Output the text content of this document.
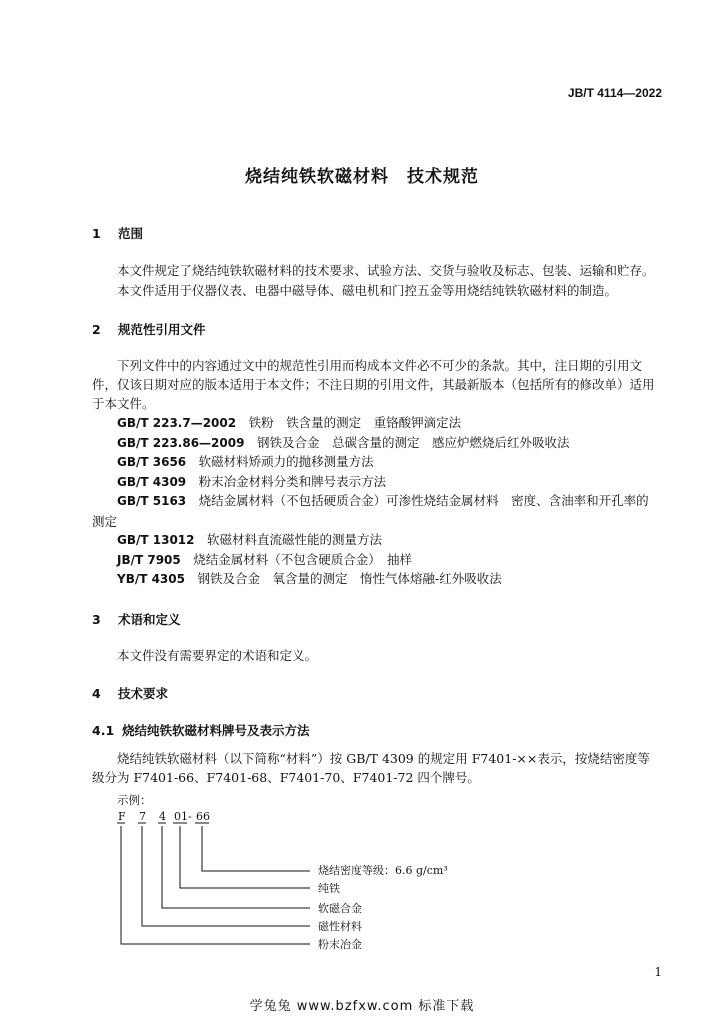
JB/T 4114—2022
烧结纯铁软磁材料　技术规范
1 范围
本文件规定了烧结纯铁软磁材料的技术要求、试验方法、交货与验收及标志、包装、运输和贮存。
本文件适用于仪器仪表、电器中磁导体、磁电机和门控五金等用烧结纯铁软磁材料的制造。
2 规范性引用文件
下列文件中的内容通过文中的规范性引用而构成本文件必不可少的条款。其中，注日期的引用文件，仅该日期对应的版本适用于本文件；不注日期的引用文件，其最新版本（包括所有的修改单）适用于本文件。
GB/T 223.7—2002　 铁粉　铁含量的测定　重铬酸钾滴定法
GB/T 223.86—2009　 钢铁及合金　总碳含量的测定　感应炉燃烧后红外吸收法
GB/T 3656　 软磁材料矫顽力的抛移测量方法
GB/T 4309　 粉末冶金材料分类和牌号表示方法
GB/T 5163　 烧结金属材料（不包括硬质合金）可渗性烧结金属材料　密度、含油率和开孔率的
测定
GB/T 13012　 软磁材料直流磁性能的测量方法
JB/T 7905　 烧结金属材料（不包含硬质合金）　抽样
YB/T 4305　 钢铁及合金　氧含量的测定　惰性气体熔融-红外吸收法
3 术语和定义
本文件没有需要界定的术语和定义。
4 技术要求
4.1 烧结纯铁软磁材料牌号及表示方法
烧结纯铁软磁材料（以下简称“材料”）按 GB/T 4309 的规定用 F7401-××表示，按烧结密度等级分为 F7401-66、F7401-68、F7401-70、F7401-72 四个牌号。
示例：
F 7 4 01 - 66
烧结密度等级：6.6 g/cm³
纯铁
软磁合金
磁性材料
粉末冶金
1
学兔兔 www.bzfxw.com 标准下载
